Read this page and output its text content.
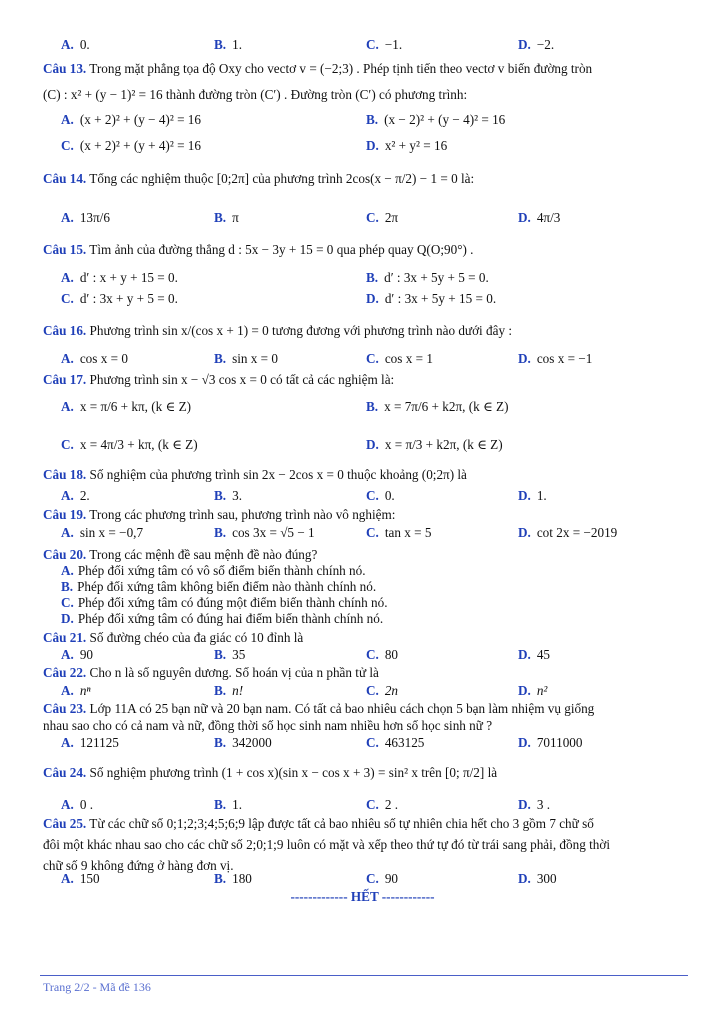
A. 0.	B. 1.	C. −1.	D. −2.
Câu 13. Trong mặt phẳng tọa độ Oxy cho vectơ v = (−2;3) . Phép tịnh tiến theo vectơ v biến đường tròn
(C) : x² + (y − 1)² = 16 thành đường tròn (C′) . Đường tròn (C′) có phương trình:
A. (x + 2)² + (y − 4)² = 16	B. (x − 2)² + (y − 4)² = 16
C. (x + 2)² + (y + 4)² = 16	D. x² + y² = 16
Câu 14. Tổng các nghiệm thuộc [0;2π] của phương trình 2cos(x − π/2) − 1 = 0 là:
A. 13π/6	B. π	C. 2π	D. 4π/3
Câu 15. Tìm ảnh của đường thẳng d : 5x − 3y + 15 = 0 qua phép quay Q(O;90°) .
A. d′ : x + y + 15 = 0.	B. d′ : 3x + 5y + 5 = 0.
C. d′ : 3x + y + 5 = 0.	D. d′ : 3x + 5y + 15 = 0.
Câu 16. Phương trình sin x/(cos x + 1) = 0 tương đương với phương trình nào dưới đây :
A. cos x = 0	B. sin x = 0	C. cos x = 1	D. cos x = −1
Câu 17. Phương trình sin x − √3 cos x = 0 có tất cả các nghiệm là:
A. x = π/6 + kπ, (k ∈ Z)	B. x = 7π/6 + k2π, (k ∈ Z)
C. x = 4π/3 + kπ, (k ∈ Z)	D. x = π/3 + k2π, (k ∈ Z)
Câu 18. Số nghiệm của phương trình sin 2x − 2cos x = 0 thuộc khoảng (0;2π) là
A. 2.	B. 3.	C. 0.	D. 1.
Câu 19. Trong các phương trình sau, phương trình nào vô nghiệm:
A. sin x = −0,7	B. cos 3x = √5 − 1	C. tan x = 5	D. cot 2x = −2019
Câu 20. Trong các mệnh đề sau mệnh đề nào đúng?
A. Phép đối xứng tâm có vô số điểm biến thành chính nó.
B. Phép đối xứng tâm không biến điểm nào thành chính nó.
C. Phép đối xứng tâm có đúng một điểm biến thành chính nó.
D. Phép đối xứng tâm có đúng hai điểm biến thành chính nó.
Câu 21. Số đường chéo của đa giác có 10 đỉnh là
A. 90	B. 35	C. 80	D. 45
Câu 22. Cho n là số nguyên dương. Số hoán vị của n phần tử là
A. nⁿ	B. n!	C. 2n	D. n²
Câu 23. Lớp 11A có 25 bạn nữ và 20 bạn nam. Có tất cả bao nhiêu cách chọn 5 bạn làm nhiệm vụ giống
nhau sao cho có cả nam và nữ, đồng thời số học sinh nam nhiều hơn số học sinh nữ ?
A. 121125	B. 342000	C. 463125	D. 7011000
Câu 24. Số nghiệm phương trình (1 + cos x)(sin x − cos x + 3) = sin² x trên [0; π/2] là
A. 0 .	B. 1.	C. 2 .	D. 3 .
Câu 25. Từ các chữ số 0;1;2;3;4;5;6;9 lập được tất cả bao nhiêu số tự nhiên chia hết cho 3 gồm 7 chữ số
đôi một khác nhau sao cho các chữ số 2;0;1;9 luôn có mặt và xếp theo thứ tự đó từ trái sang phải, đồng thời
chữ số 9 không đứng ở hàng đơn vị.
A. 150	B. 180	C. 90	D. 300
------------- HẾT ------------
Trang 2/2 - Mã đề 136
